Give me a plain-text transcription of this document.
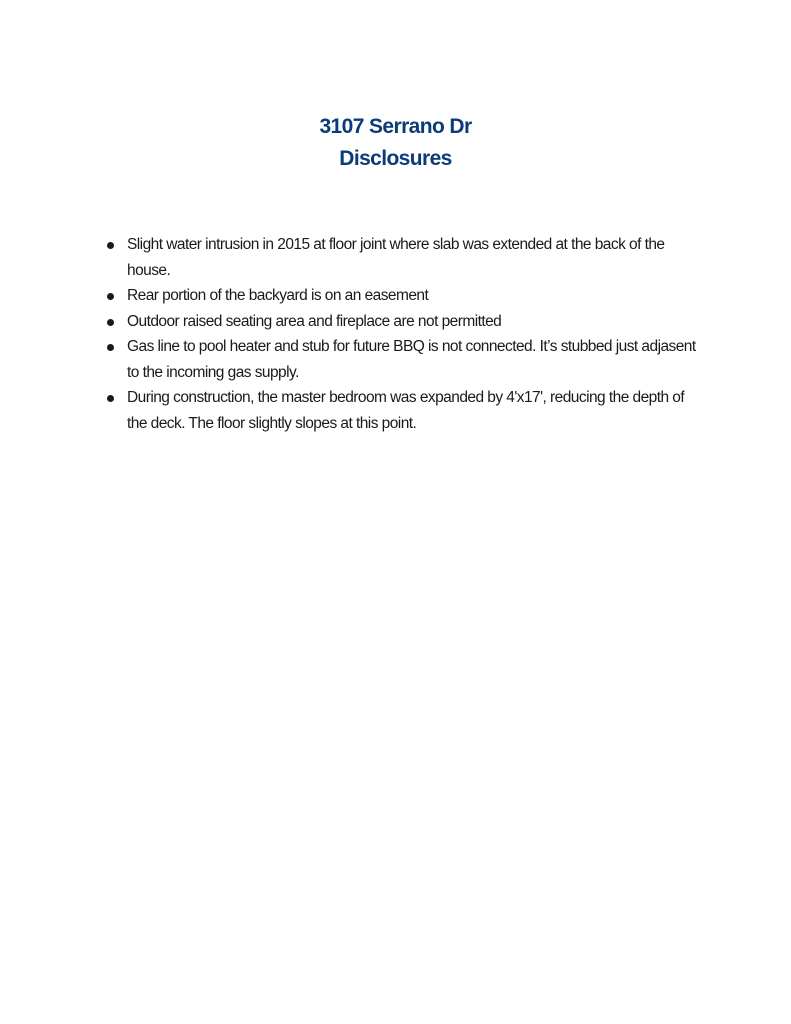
3107 Serrano Dr
Disclosures
Slight water intrusion in 2015 at floor joint where slab was extended at the back of the house.
Rear portion of the backyard is on an easement
Outdoor raised seating area and fireplace are not permitted
Gas line to pool heater and stub for future BBQ is not connected. It’s stubbed just adjasent to the incoming gas supply.
During construction, the master bedroom was expanded by 4'x17', reducing the depth of the deck. The floor slightly slopes at this point.
